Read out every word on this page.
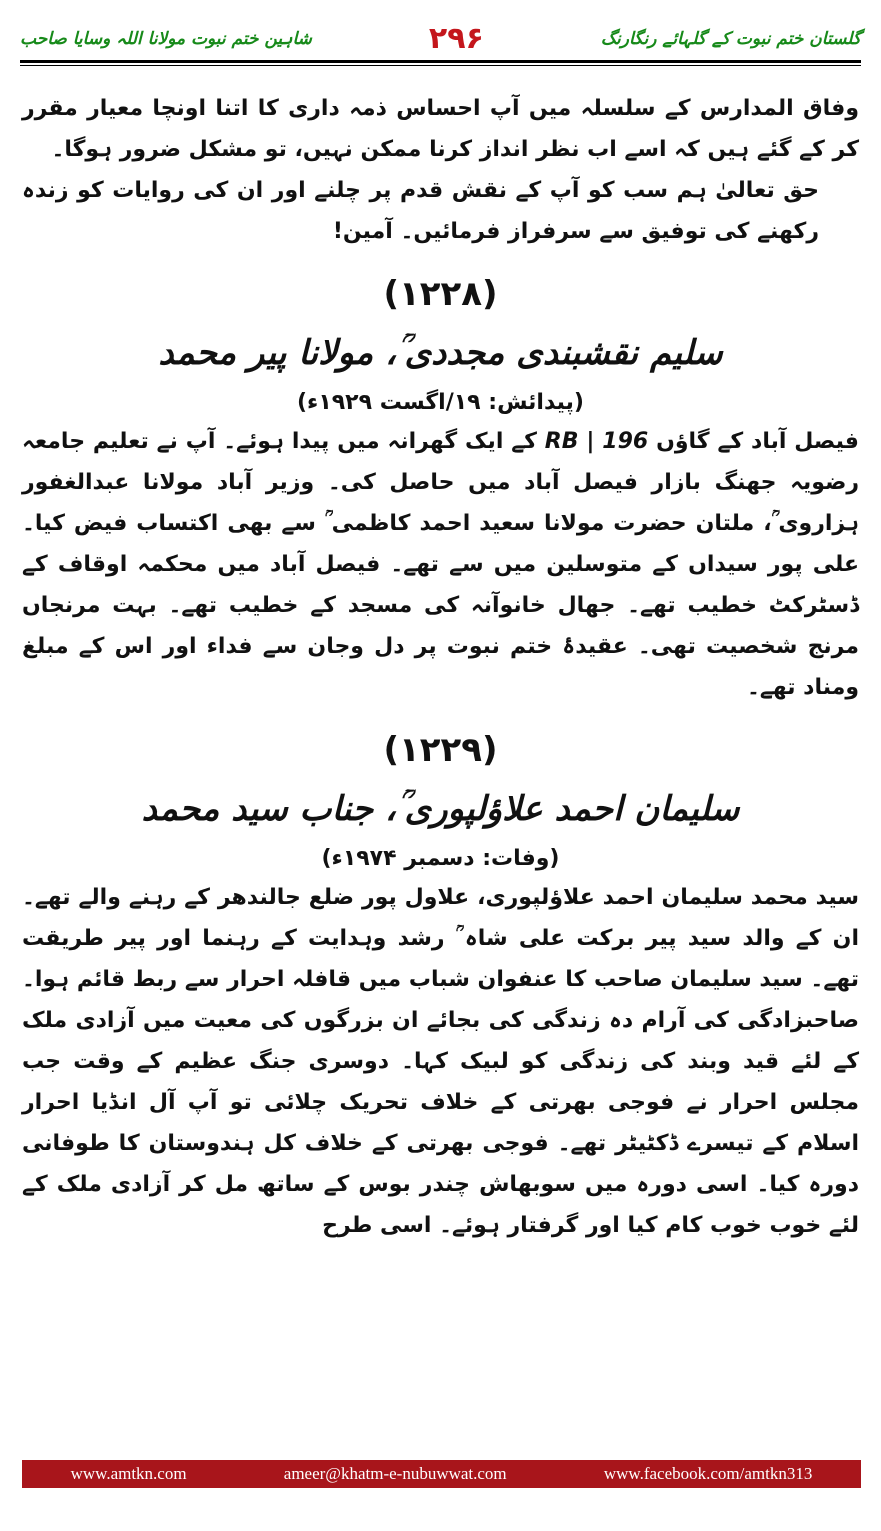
شاہین ختم نبوت مولانا اللہ وسایا صاحب	۲۹۶	گلستان ختم نبوت کے گلہائے رنگارنگ

وفاق المدارس کے سلسلہ میں آپ احساس ذمہ داری کا اتنا اونچا معیار مقرر کر کے گئے ہیں کہ اسے اب نظر انداز کرنا ممکن نہیں، تو مشکل ضرور ہوگا۔

حق تعالیٰ ہم سب کو آپ کے نقش قدم پر چلنے اور ان کی روایات کو زندہ رکھنے کی توفیق سے سرفراز فرمائیں۔ آمین!

(۱۲۲۸)
سلیم نقشبندی مجددی ؒ، مولانا پیر محمد
(پیدائش: ۱۹/اگست ۱۹۲۹ء)

فیصل آباد کے گاؤں RB | 196 کے ایک گھرانہ میں پیدا ہوئے۔ آپ نے تعلیم جامعہ رضویہ جھنگ بازار فیصل آباد میں حاصل کی۔ وزیر آباد مولانا عبدالغفور ہزاروی ؒ، ملتان حضرت مولانا سعید احمد کاظمی ؒ سے بھی اکتساب فیض کیا۔ علی پور سیداں کے متوسلین میں سے تھے۔ فیصل آباد میں محکمہ اوقاف کے ڈسٹرکٹ خطیب تھے۔ جھال خانوآنہ کی مسجد کے خطیب تھے۔ بہت مرنجاں مرنج شخصیت تھی۔ عقیدۂ ختم نبوت پر دل وجان سے فداء اور اس کے مبلغ ومناد تھے۔

(۱۲۲۹)
سلیمان احمد علاؤلپوری ؒ، جناب سید محمد
(وفات: دسمبر ۱۹۷۴ء)

سید محمد سلیمان احمد علاؤلپوری، علاول پور ضلع جالندھر کے رہنے والے تھے۔ ان کے والد سید پیر برکت علی شاہ ؒ رشد وہدایت کے رہنما اور پیر طریقت تھے۔ سید سلیمان صاحب کا عنفوان شباب میں قافلہ احرار سے ربط قائم ہوا۔ صاحبزادگی کی آرام دہ زندگی کی بجائے ان بزرگوں کی معیت میں آزادی ملک کے لئے قید وبند کی زندگی کو لبیک کہا۔ دوسری جنگ عظیم کے وقت جب مجلس احرار نے فوجی بھرتی کے خلاف تحریک چلائی تو آپ آل انڈیا احرار اسلام کے تیسرے ڈکٹیٹر تھے۔ فوجی بھرتی کے خلاف کل ہندوستان کا طوفانی دورہ کیا۔ اسی دورہ میں سوبھاش چندر بوس کے ساتھ مل کر آزادی ملک کے لئے خوب خوب کام کیا اور گرفتار ہوئے۔ اسی طرح

www.amtkn.com	ameer@khatm-e-nubuwwat.com	www.facebook.com/amtkn313
